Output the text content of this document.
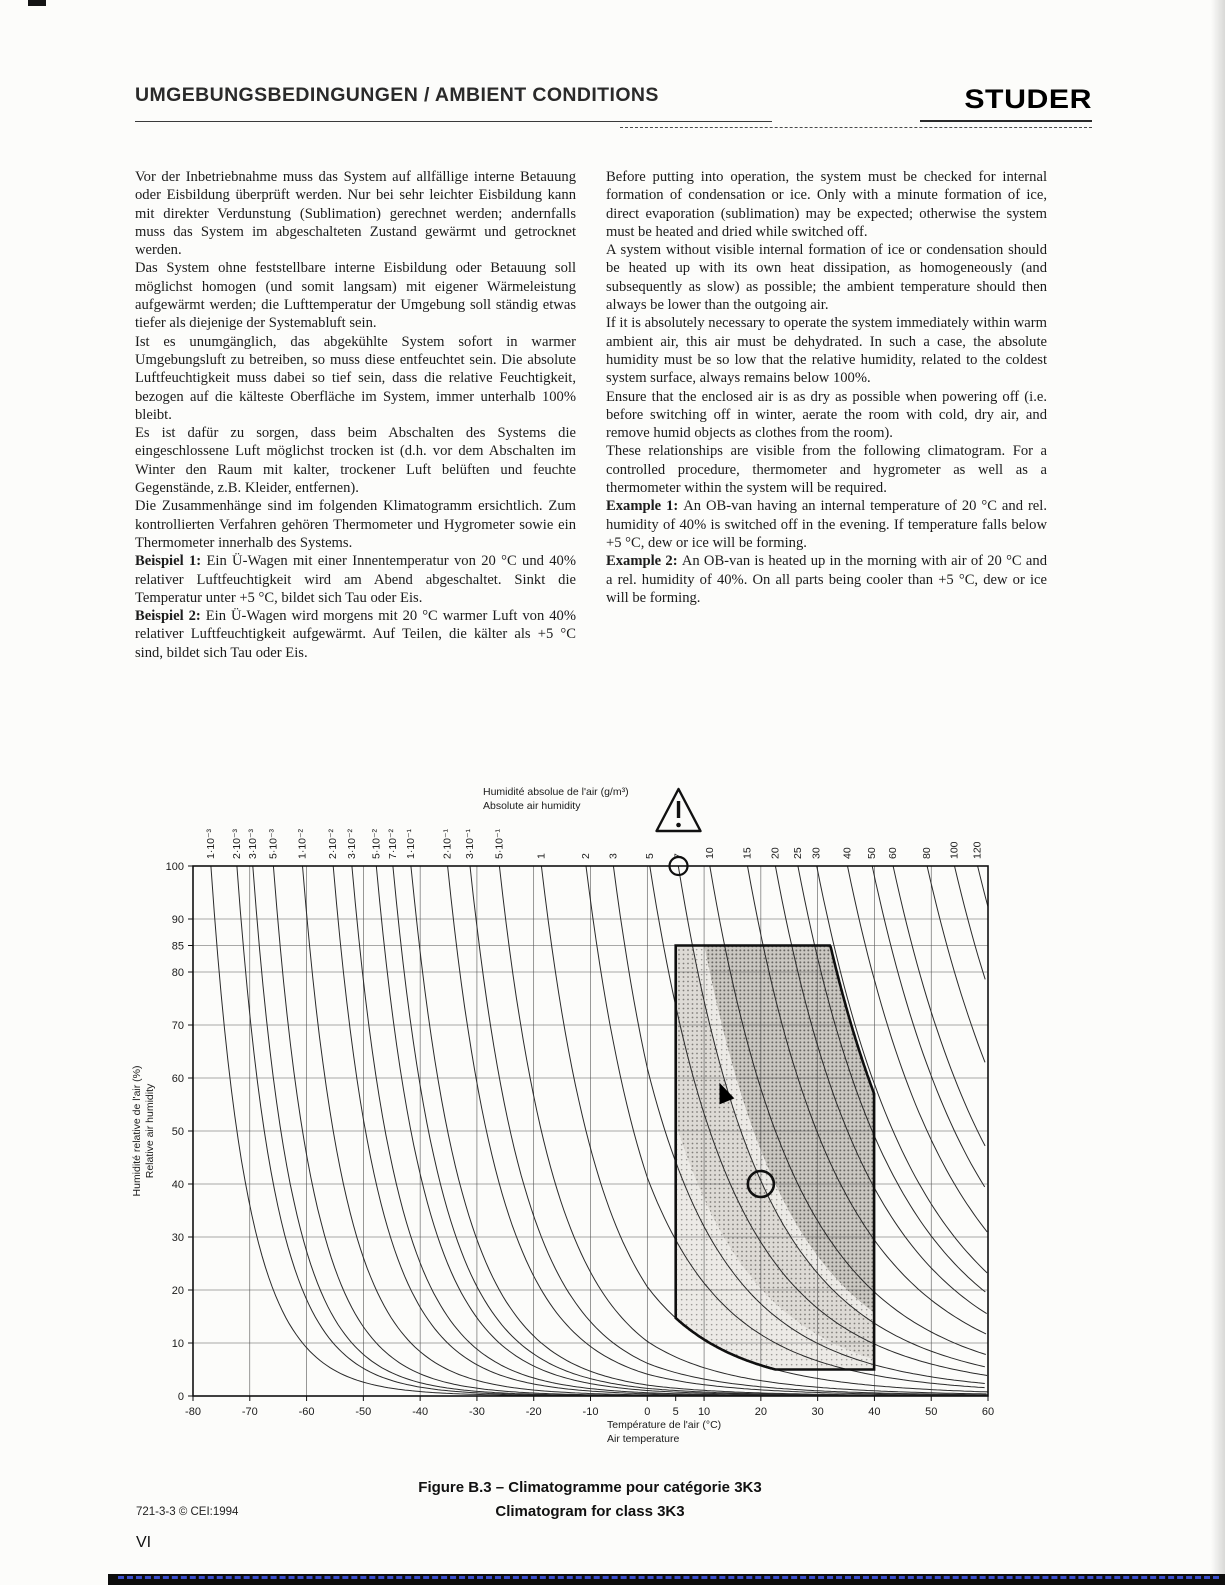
UMGEBUNGSBEDINGUNGEN / AMBIENT CONDITIONS	STUDER

Vor der Inbetriebnahme muss das System auf allfällige interne Betauung oder Eisbildung überprüft werden. Nur bei sehr leichter Eisbildung kann mit direkter Verdunstung (Sublimation) gerechnet werden; andernfalls muss das System im abgeschalteten Zustand gewärmt und getrocknet werden.

Das System ohne feststellbare interne Eisbildung oder Betauung soll möglichst homogen (und somit langsam) mit eigener Wärmeleistung aufgewärmt werden; die Lufttemperatur der Umgebung soll ständig etwas tiefer als diejenige der Systemabluft sein.

Ist es unumgänglich, das abgekühlte System sofort in warmer Umgebungsluft zu betreiben, so muss diese entfeuchtet sein. Die absolute Luftfeuchtigkeit muss dabei so tief sein, dass die relative Feuchtigkeit, bezogen auf die kälteste Oberfläche im System, immer unterhalb 100% bleibt.

Es ist dafür zu sorgen, dass beim Abschalten des Systems die eingeschlossene Luft möglichst trocken ist (d.h. vor dem Abschalten im Winter den Raum mit kalter, trockener Luft belüften und feuchte Gegenstände, z.B. Kleider, entfernen).

Die Zusammenhänge sind im folgenden Klimatogramm ersichtlich. Zum kontrollierten Verfahren gehören Thermometer und Hygrometer sowie ein Thermometer innerhalb des Systems.

Beispiel 1: Ein Ü-Wagen mit einer Innentemperatur von 20 °C und 40% relativer Luftfeuchtigkeit wird am Abend abgeschaltet. Sinkt die Temperatur unter +5 °C, bildet sich Tau oder Eis.

Beispiel 2: Ein Ü-Wagen wird morgens mit 20 °C warmer Luft von 40% relativer Luftfeuchtigkeit aufgewärmt. Auf Teilen, die kälter als +5 °C sind, bildet sich Tau oder Eis.

Before putting into operation, the system must be checked for internal formation of condensation or ice. Only with a minute formation of ice, direct evaporation (sublimation) may be expected; otherwise the system must be heated and dried while switched off.

A system without visible internal formation of ice or condensation should be heated up with its own heat dissipation, as homogeneously (and subsequently as slow) as possible; the ambient temperature should then always be lower than the outgoing air.

If it is absolutely necessary to operate the system immediately within warm ambient air, this air must be dehydrated. In such a case, the absolute humidity must be so low that the relative humidity, related to the coldest system surface, always remains below 100%.

Ensure that the enclosed air is as dry as possible when powering off (i.e. before switching off in winter, aerate the room with cold, dry air, and remove humid objects as clothes from the room).

These relationships are visible from the following climatogram. For a controlled procedure, thermometer and hygrometer as well as a thermometer within the system will be required.

Example 1: An OB-van having an internal temperature of 20 °C and rel. humidity of 40% is switched off in the evening. If temperature falls below +5 °C, dew or ice will be forming.

Example 2: An OB-van is heated up in the morning with air of 20 °C and a rel. humidity of 40%. On all parts being cooler than +5 °C, dew or ice will be forming.

-80	-70	-60	-50	-40	-30	-20	-10	0 5 10	20	30	40	50	60
0
10
20
30
40
50
60
70
80
85
90
100
1·10⁻³ 2·10⁻³ 3·10⁻³ 5·10⁻³ 1·10⁻² 2·10⁻² 3·10⁻² 5·10⁻² 7·10⁻² 1·10⁻¹ 2·10⁻¹ 3·10⁻¹ 5·10⁻¹	1	2 3 5 7 10 15 20 25 30 40 50 60 80 100 120
Humidité absolue de l'air (g/m³)
Absolute air humidity
Humidité relative de l'air (%) Relative air humidity
Température de l'air (°C)
Air temperature
Figure B.3 – Climatogramme pour catégorie 3K3
Climatogram for class 3K3
721-3-3 © CEI:1994
VI
